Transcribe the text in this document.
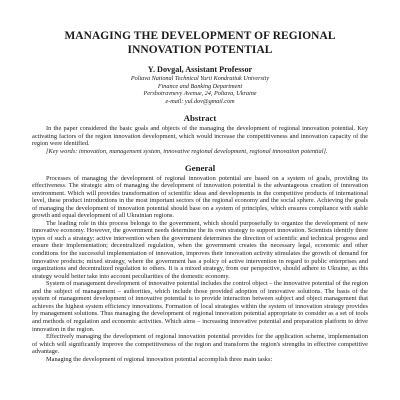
MANAGING THE DEVELOPMENT OF REGIONAL
INNOVATION POTENTIAL

Y. Dovgal, Assistant Professor

Poltava National Technical Yurii Kondratiuk University

Finance and Banking Department

Pershotravnevy Avenue, 24, Poltava, Ukraine

e-mail: yul.dov@gmail.com

Abstract

In the paper considered the basic goals and objects of the managing the development of regional innovation potential. Key activating factors of the region innovation development, which would increase the competitiveness and innovation capacity of the region were identified.

[Key words: innovation, management system, innovative regional development, regional innovation potential].

General

Processes of managing the development of regional innovation potential are based on a system of goals, providing its effectiveness. The strategic aim of managing the development of innovation potential is the advantageous creation of innovation environment. Which will provides transformation of scientific ideas and developments in the competitive products of international level, these product introductions in the most important sectors of the regional economy and the social sphere. Achieving the goals of managing the development of innovation potential should base on a system of principles, which ensures compliance with stable growth and equal development of all Ukrainian regions.

The leading role in this process belongs to the government, which should purposefully to organize the development of new innovative economy. However, the government needs determine the its own strategy to support innovation. Scientists identify three types of such a strategy: active intervention when the government determines the direction of scientific and technical progress and ensure their implementation; decentralized regulation, when the government creates the necessary legal, economic and other conditions for the successful implementation of innovation, improves their innovation activity stimulates the growth of demand for innovative products; mixed strategy, where the government has a policy of active intervention in regard to public enterprises and organizations and decentralized regulation to others. It is a mixed strategy, from our perspective, should adhere to Ukraine, as this strategy would better take into account peculiarities of the domestic economy.

System of management development of innovative potential includes the control object – the innovative potential of the region and the subject of management – authorities, which include those provided adoption of innovative solutions. The basis of the system of management development of innovative potential is to provide interaction between subject and object management that achieves the highest system efficiency innovations. Formation of local strategies within the system of innovation strategy provides by management solutions. Thus managing the development of regional innovation potential appropriate to consider as a set of tools and methods of regulation and economic activities. Which aims – increasing innovative potential and preparation platform to drive innovation in the region.

Effectively managing the development of regional innovation potential provides for the application scheme, implementation of which will significantly improve the competitiveness of the region and transform the region's strengths in effective competitive advantage.

Managing the development of regional innovation potential accomplish three main tasks:
